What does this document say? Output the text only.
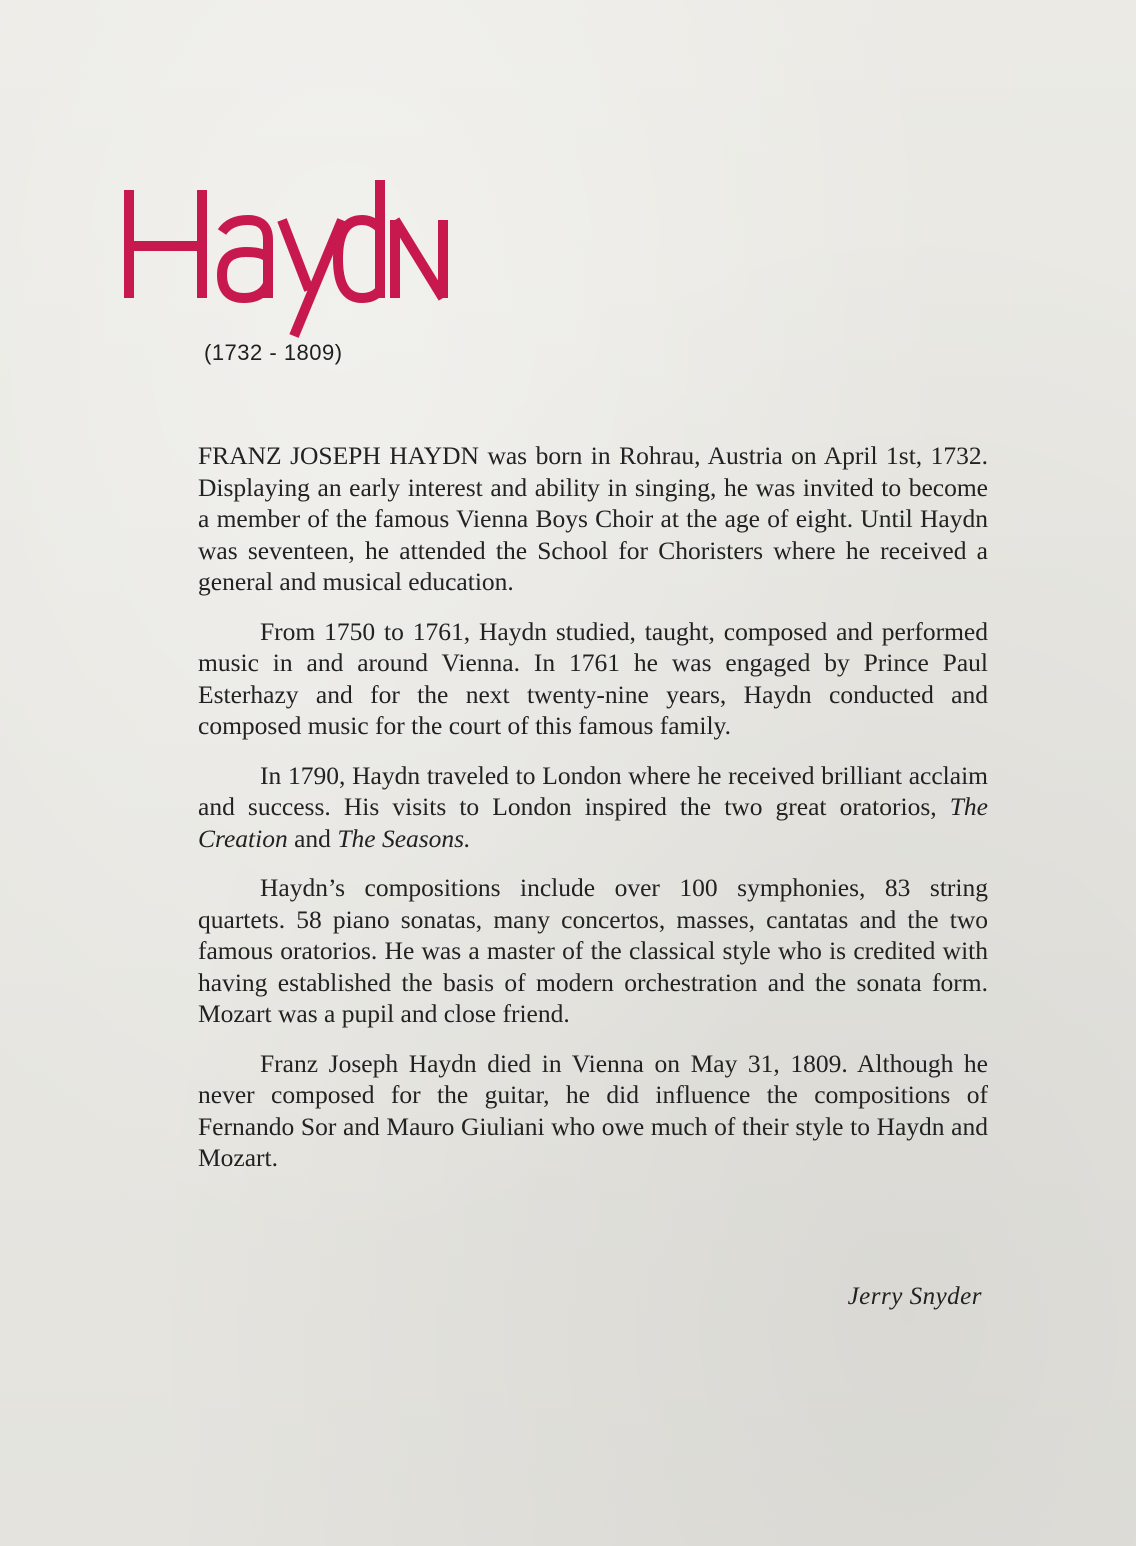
(1732 - 1809)

FRANZ JOSEPH HAYDN was born in Rohrau, Austria on April 1st, 1732. Displaying an early interest and ability in singing, he was invited to become a member of the famous Vienna Boys Choir at the age of eight. Until Haydn was seventeen, he attended the School for Choristers where he received a general and musical education.

From 1750 to 1761, Haydn studied, taught, composed and performed music in and around Vienna. In 1761 he was engaged by Prince Paul Esterhazy and for the next twenty-nine years, Haydn conducted and composed music for the court of this famous family.

In 1790, Haydn traveled to London where he received brilliant acclaim and success. His visits to London inspired the two great oratorios, The Creation and The Seasons.

Haydn’s compositions include over 100 symphonies, 83 string quartets. 58 piano sonatas, many concertos, masses, cantatas and the two famous oratorios. He was a master of the classical style who is credited with having established the basis of modern orchestration and the sonata form. Mozart was a pupil and close friend.

Franz Joseph Haydn died in Vienna on May 31, 1809. Although he never composed for the guitar, he did influence the compositions of Fernando Sor and Mauro Giuliani who owe much of their style to Haydn and Mozart.

Jerry Snyder
